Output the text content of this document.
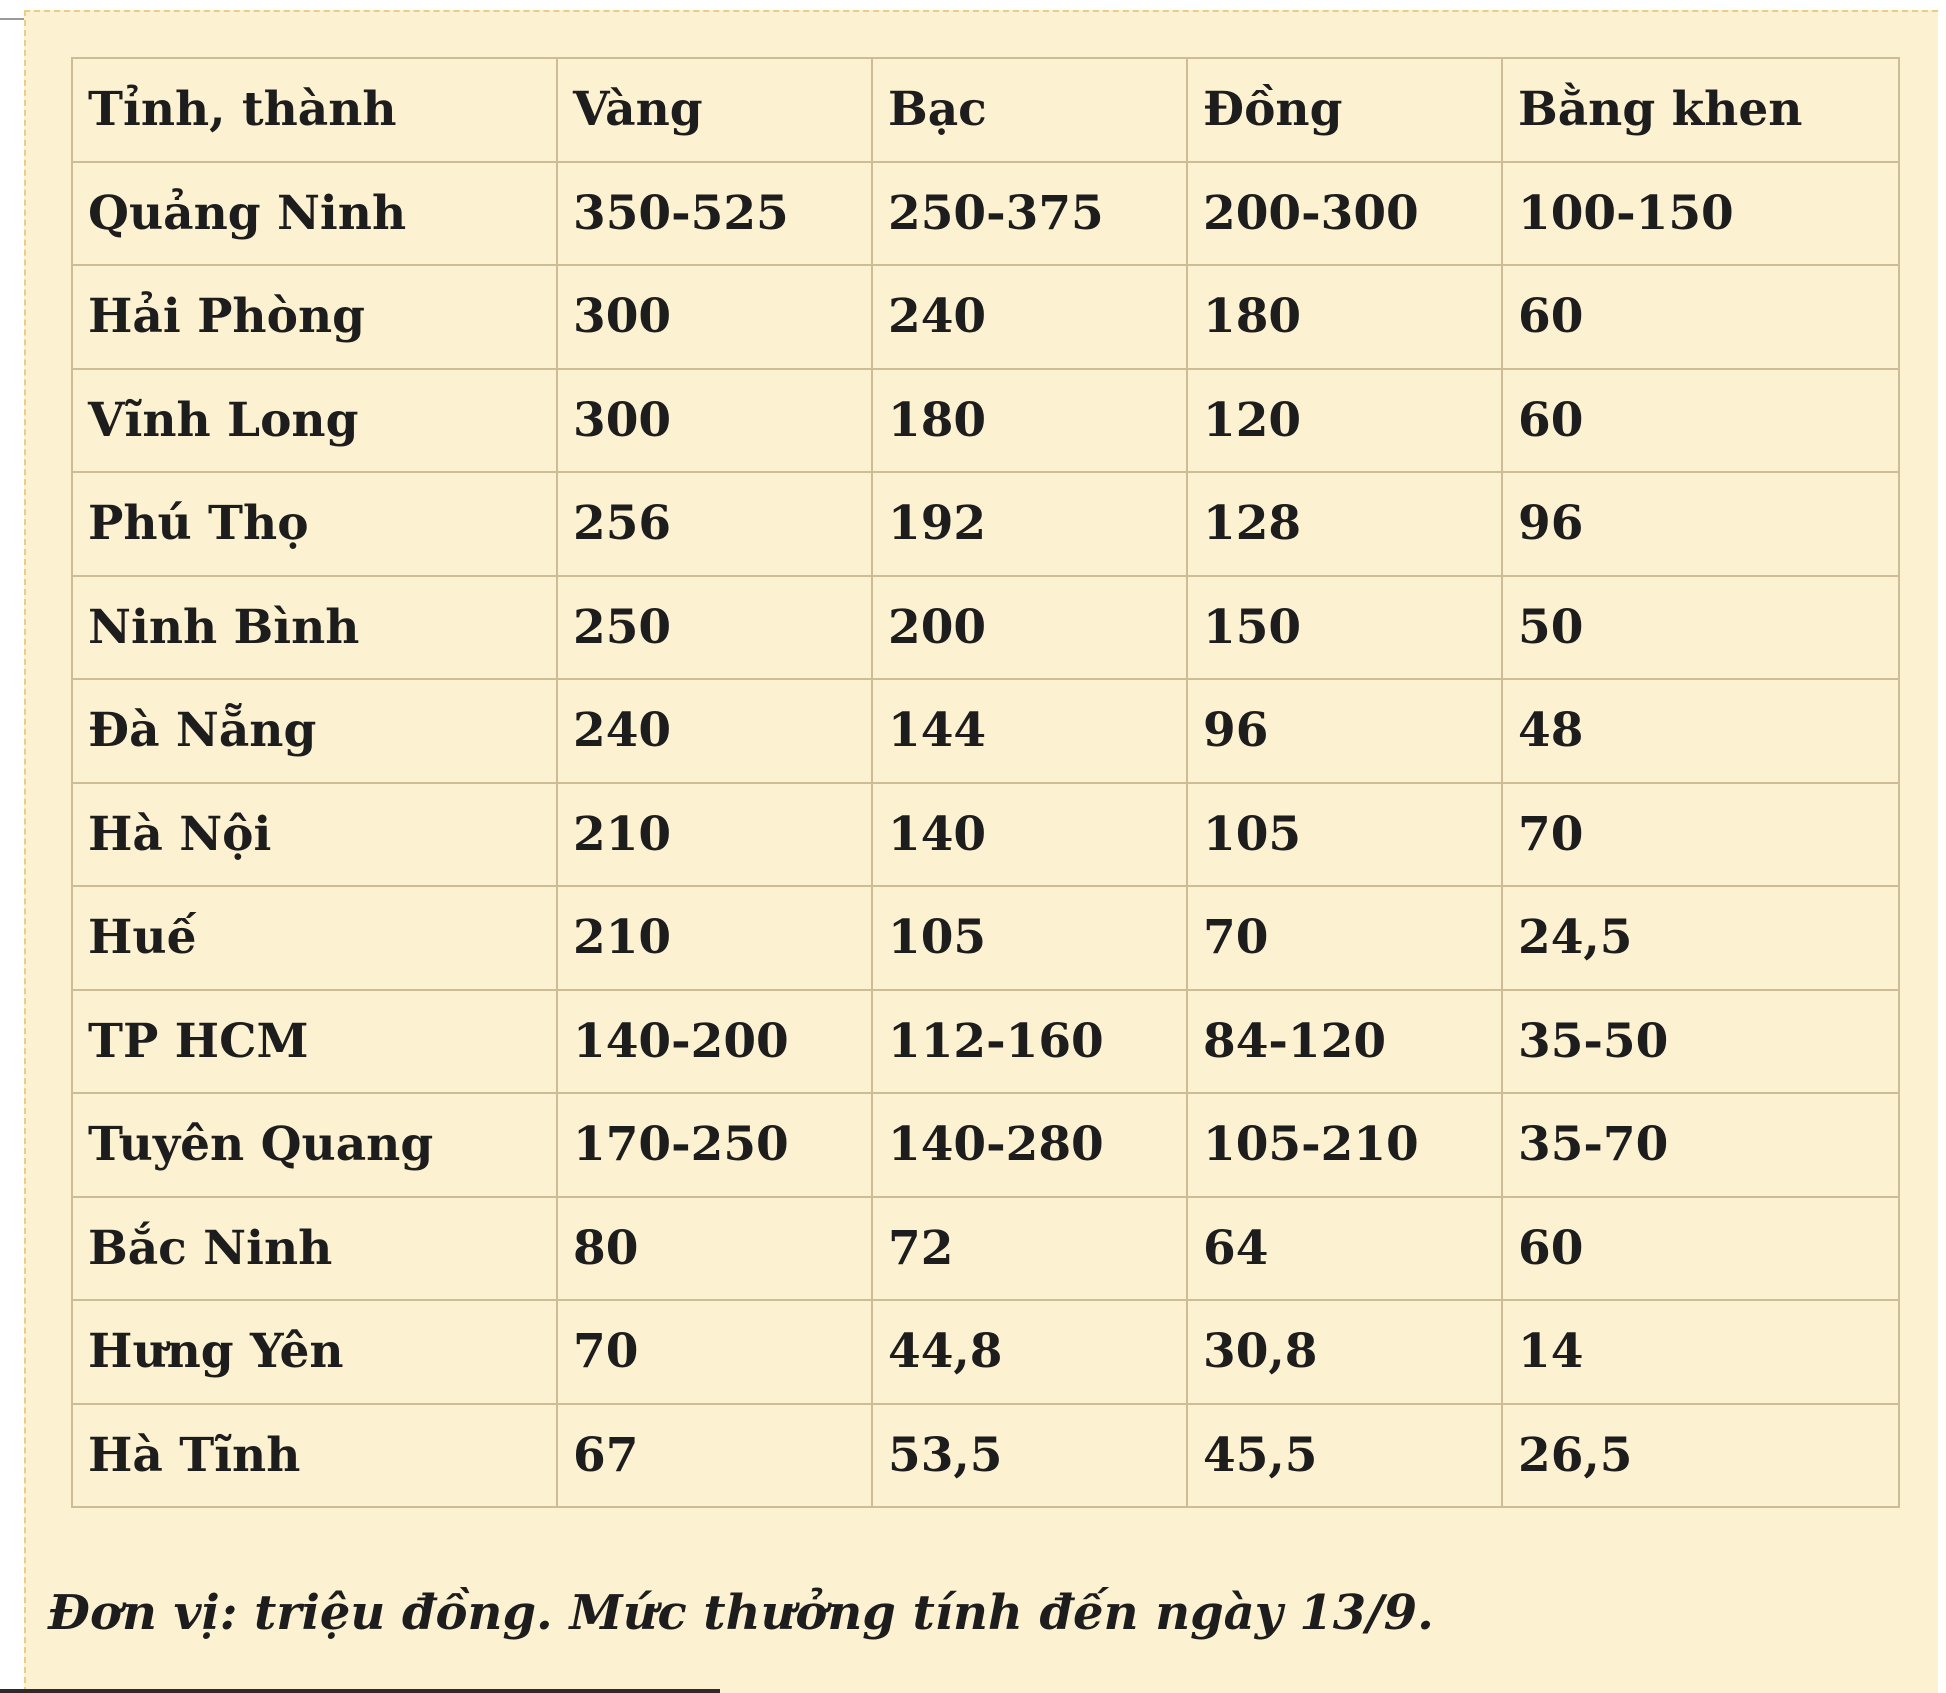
Tỉnh, thành	Vàng	Bạc	Đồng	Bằng khen
Quảng Ninh	350-525	250-375	200-300	100-150
Hải Phòng	300	240	180	60
Vĩnh Long	300	180	120	60
Phú Thọ	256	192	128	96
Ninh Bình	250	200	150	50
Đà Nẵng	240	144	96	48
Hà Nội	210	140	105	70
Huế	210	105	70	24,5
TP HCM	140-200	112-160	84-120	35-50
Tuyên Quang	170-250	140-280	105-210	35-70
Bắc Ninh	80	72	64	60
Hưng Yên	70	44,8	30,8	14
Hà Tĩnh	67	53,5	45,5	26,5
Đơn vị: triệu đồng. Mức thưởng tính đến ngày 13/9.
